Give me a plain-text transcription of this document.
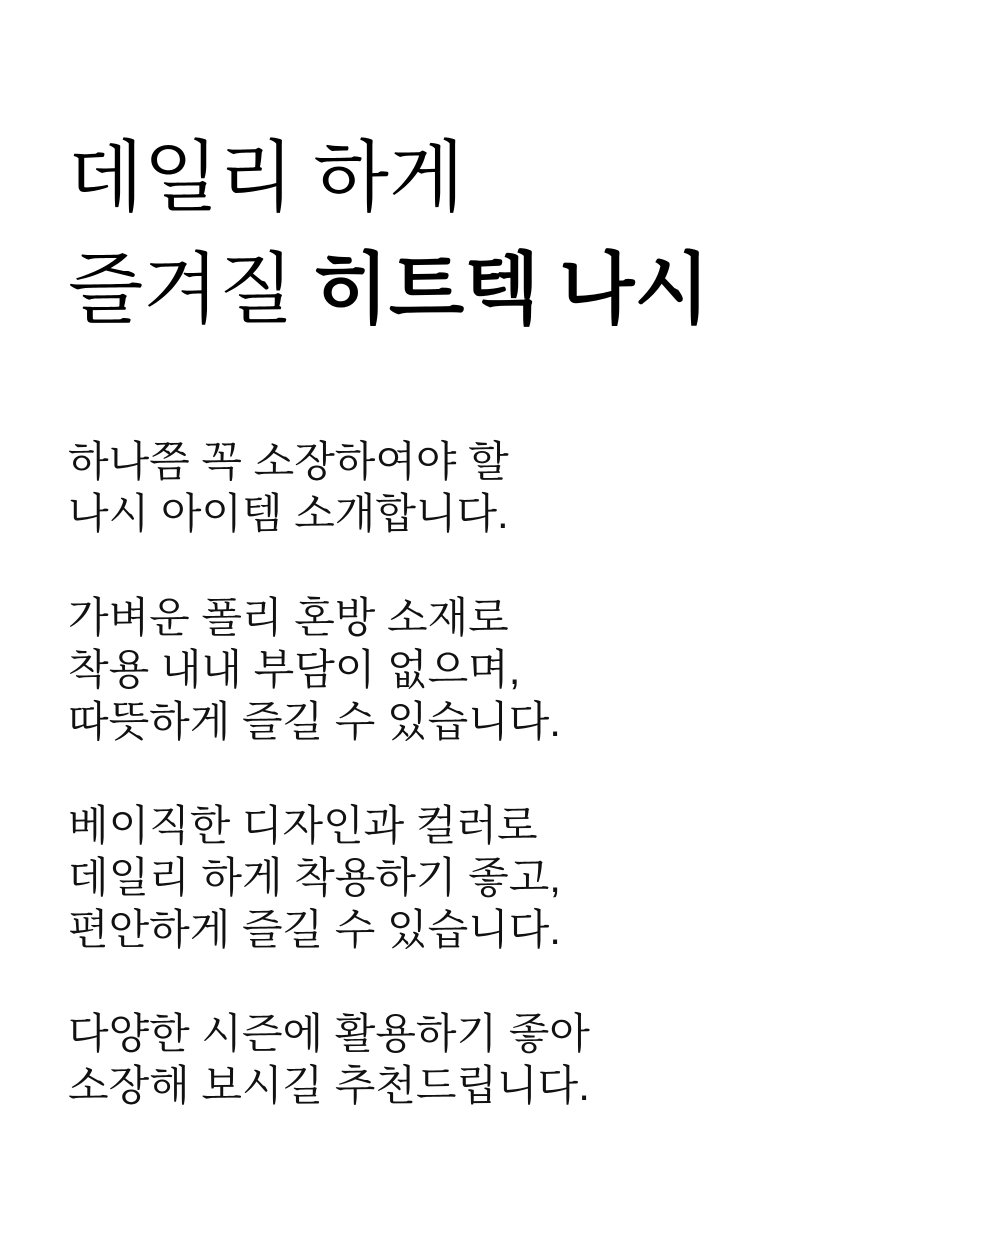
데일리 하게
즐겨질 히트텍 나시

하나쯤 꼭 소장하여야 할
나시 아이템 소개합니다.

가벼운 폴리 혼방 소재로
착용 내내 부담이 없으며,
따뜻하게 즐길 수 있습니다.

베이직한 디자인과 컬러로
데일리 하게 착용하기 좋고,
편안하게 즐길 수 있습니다.

다양한 시즌에 활용하기 좋아
소장해 보시길 추천드립니다.
